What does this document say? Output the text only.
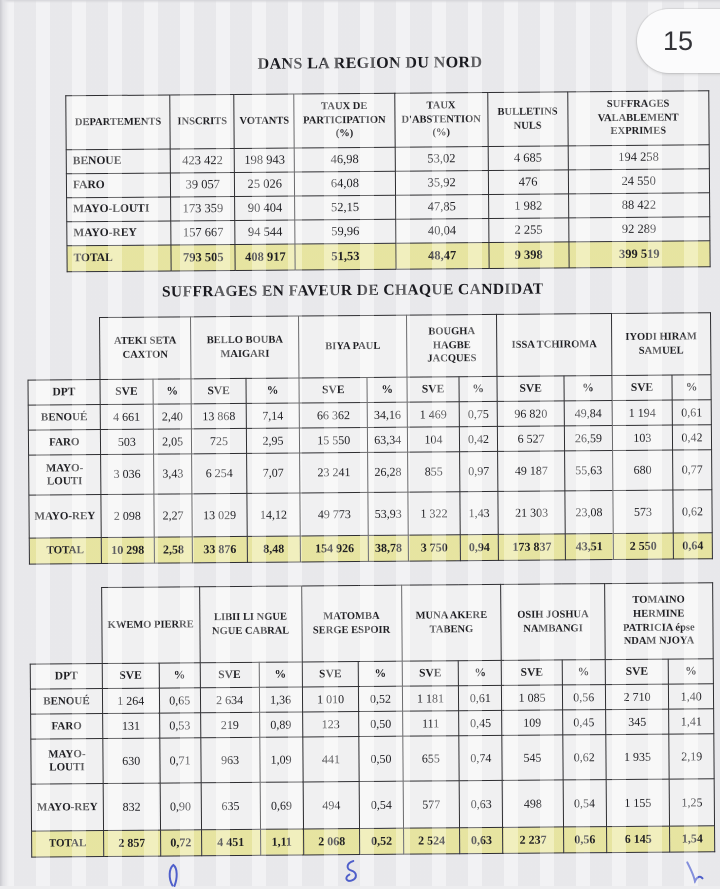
15
DANS LA REGION DU NORD
DEPARTEMENTS	INSCRITS	VOTANTS	TAUX DE PARTICIPATION (%)	TAUX D'ABSTENTION (%)	BULLETINS NULS	SUFFRAGES VALABLEMENT EXPRIMES
BENOUE	423 422	198 943	46,98	53,02	4 685	194 258
FARO	39 057	25 026	64,08	35,92	476	24 550
MAYO-LOUTI	173 359	90 404	52,15	47,85	1 982	88 422
MAYO-REY	157 667	94 544	59,96	40,04	2 255	92 289
TOTAL	793 505	408 917	51,53	48,47	9 398	399 519
SUFFRAGES EN FAVEUR DE CHAQUE CANDIDAT
	ATEKI SETA CAXTON		BELLO BOUBA MAIGARI		BIYA PAUL		BOUGHA HAGBE JACQUES		ISSA TCHIROMA		IYODI HIRAM SAMUEL	
DPT	SVE	%	SVE	%	SVE	%	SVE	%	SVE	%	SVE	%
BENOUÉ	4 661	2,40	13 868	7,14	66 362	34,16	1 469	0,75	96 820	49,84	1 194	0,61
FARO	503	2,05	725	2,95	15 550	63,34	104	0,42	6 527	26,59	103	0,42
MAYO-LOUTI	3 036	3,43	6 254	7,07	23 241	26,28	855	0,97	49 187	55,63	680	0,77
MAYO-REY	2 098	2,27	13 029	14,12	49 773	53,93	1 322	1,43	21 303	23,08	573	0,62
TOTAL	10 298	2,58	33 876	8,48	154 926	38,78	3 750	0,94	173 837	43,51	2 550	0,64
	KWEMO PIERRE		LIBII LI NGUE NGUE CABRAL		MATOMBA SERGE ESPOIR		MUNA AKERE TABENG		OSIH JOSHUA NAMBANGI		TOMAINO HERMINE PATRICIA épse NDAM NJOYA	
DPT	SVE	%	SVE	%	SVE	%	SVE	%	SVE	%	SVE	%
BENOUÉ	1 264	0,65	2 634	1,36	1 010	0,52	1 181	0,61	1 085	0,56	2 710	1,40
FARO	131	0,53	219	0,89	123	0,50	111	0,45	109	0,45	345	1,41
MAYO-LOUTI	630	0,71	963	1,09	441	0,50	655	0,74	545	0,62	1 935	2,19
MAYO-REY	832	0,90	635	0,69	494	0,54	577	0,63	498	0,54	1 155	1,25
TOTAL	2 857	0,72	4 451	1,11	2 068	0,52	2 524	0,63	2 237	0,56	6 145	1,54
